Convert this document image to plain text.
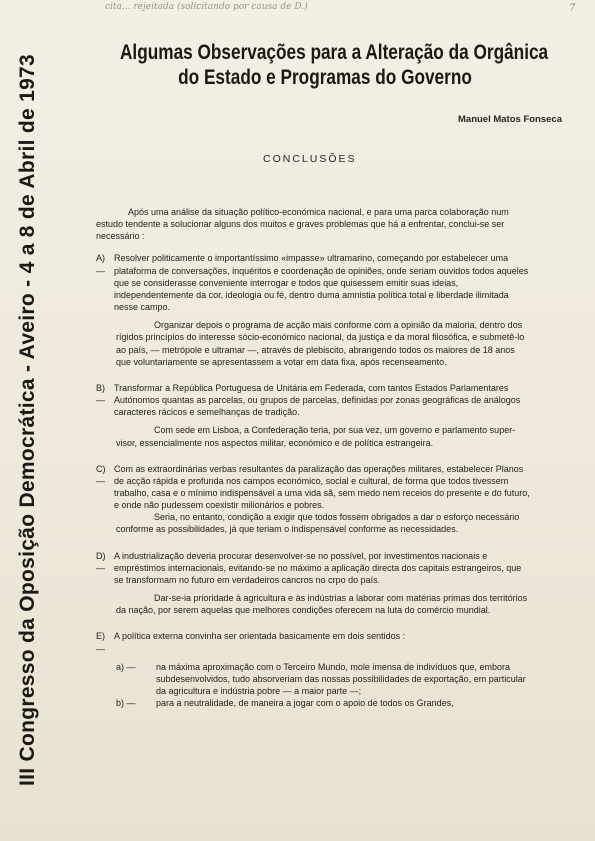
cita... rejeitada (solicitando por causa de D.)	7
III Congresso da Oposição Democrática - Aveiro - 4 a 8 de Abril de 1973
Algumas Observações para a Alteração da Orgânica
do Estado e Programas do Governo
Manuel Matos Fonseca
CONCLUSÕES

Após uma análise da situação político-económica nacional, e para uma parca colaboração num estudo tendente a solucionar alguns dos muitos e graves problemas que há a enfrentar, conclui-se ser necessário :

A) —
Resolver politicamente o importantíssimo «impasse» ultramarino, começando por estabelecer uma plataforma de conversações, inquéritos e coordenação de opiniões, onde seriam ouvidos todos aqueles que se considerasse conveniente interrogar e todos que quisessem emitir suas ideias, independentemente da cor, ideologia ou fé, dentro duma amnistia política total e liberdade ilimitada nesse campo.

Organizar depois o programa de acção mais conforme com a opinião da maioria, dentro dos rígidos princípios do interesse sócio-económico nacional, da justiça e da moral filosófica, e submetê-lo ao país, — metrópole e ultramar —, através de plebiscito, abrangendo todos os maiores de 18 anos que voluntariamente se apresentassem a votar em data fixa, após recenseamento.

B) —
Transformar a República Portuguesa de Unitária em Federada, com tantos Estados Parlamentares Autónomos quantas as parcelas, ou grupos de parcelas, definidas por zonas geográficas de análogos caracteres rácicos e semelhanças de tradição.

Com sede em Lisboa, a Confederação teria, por sua vez, um governo e parlamento super-visor, essencialmente nos aspectos militar, económico e de política estrangeira.

C) —
Com as extraordinárias verbas resultantes da paralização das operações militares, estabelecer Planos de acção rápida e profunda nos campos económico, social e cultural, de forma que todos tivessem trabalho, casa e o mínimo indispensável a uma vida sã, sem medo nem receios do presente e do futuro, e onde não pudessem coexistir milionários e pobres.

Seria, no entanto, condição a exigir que todos fossem obrigados a dar o esforço necessário conforme as possibilidades, já que teriam o indispensável conforme as necessidades.

D) —
A industrialização deveria procurar desenvolver-se no possível, por investimentos nacionais e empréstimos internacionais, evitando-se no máximo a aplicação directa dos capitais estrangeiros, que se transformam no futuro em verdadeiros cancros no crpo do país.

Dar-se-ia prioridade à agricultura e às indústrias a laborar com matérias primas dos territórios da nação, por serem aquelas que melhores condições oferecem na luta do comércio mundial.

E) —
A política externa convinha ser orientada basicamente em dois sentidos :
a) —	na máxima aproximação com o Terceiro Mundo, mole imensa de indivíduos que, embora subdesenvolvidos, tudo absorveriam das nossas possibilidades de exportação, em particular da agricultura e indústria pobre — a maior parte —;
b) —	para a neutralidade, de maneira a jogar com o apoio de todos os Grandes,
